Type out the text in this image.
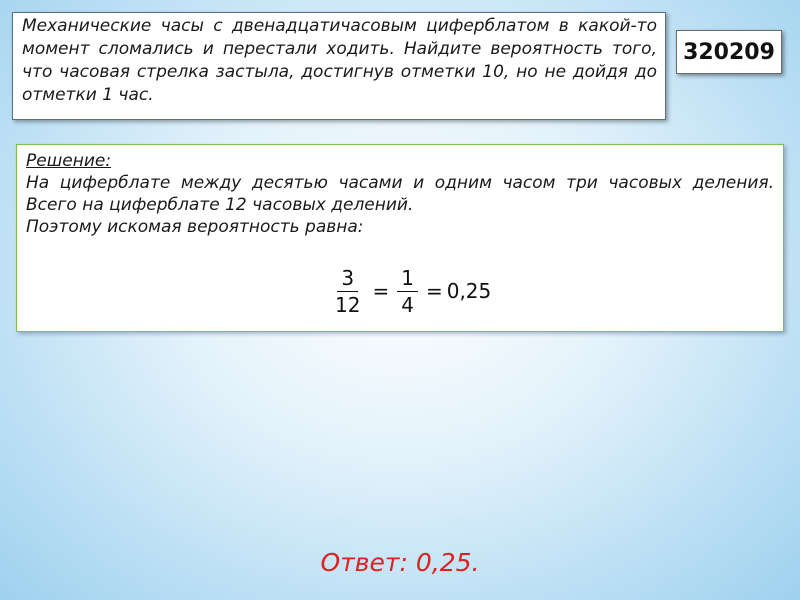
Механические часы с двенадцатичасовым циферблатом в какой-то момент сломались и перестали ходить. Найдите вероятность того, что часовая стрелка застыла, достигнув отметки 10, но не дойдя до отметки 1 час.

320209

Решение:

На циферблате между десятью часами и одним часом три часовых деления. Всего на циферблате 12 часовых делений.

Поэтому искомая вероятность равна:

$\frac{3}{12} = \frac{1}{4} = 0,25$
Ответ: 0,25.
